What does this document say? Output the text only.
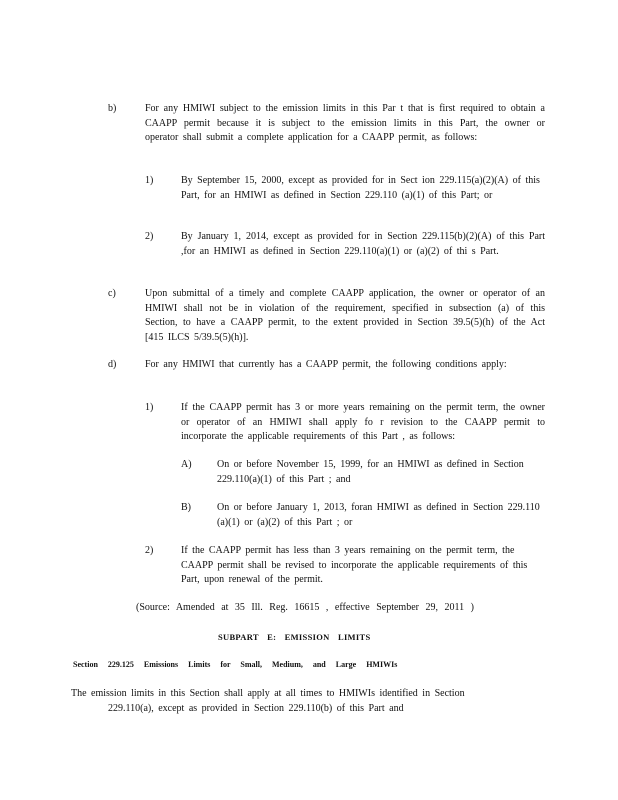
b)	For any HMIWI subject to the emission limits in this Par t that is first required to obtain a CAAPP permit because it is subject to the emission limits in this Part, the owner or operator shall submit a complete application for a CAAPP permit, as follows:
1)	By September 15, 2000, except as provided for in Sect ion 229.115(a)(2)(A) of this Part, for an HMIWI as defined in Section 229.110 (a)(1) of this Part; or
2)	By January 1, 2014, except as provided for in Section 229.115(b)(2)(A) of this Part ,for an HMIWI as defined in Section 229.110(a)(1) or (a)(2) of thi s Part.
c)	Upon submittal of a timely and complete CAAPP application, the owner or operator of an HMIWI shall not be in violation of the requirement, specified in subsection (a) of this Section, to have a CAAPP permit, to the extent provided in Section 39.5(5)(h) of the Act [415 ILCS 5/39.5(5)(h)].
d)	For any HMIWI that currently has a CAAPP permit, the following conditions apply:
1)	If the CAAPP permit has 3 or more years remaining on the permit term, the owner or operator of an HMIWI shall apply fo r revision to the CAAPP permit to incorporate the applicable requirements of this Part , as follows:
A)	On or before November 15, 1999, for an HMIWI as defined in Section 229.110(a)(1) of this Part ; and
B)	On or before January 1, 2013, foran HMIWI as defined in Section 229.110 (a)(1) or (a)(2) of this Part ; or
2)	If the CAAPP permit has less than 3 years remaining on the permit term, the CAAPP permit shall be revised to incorporate the applicable requirements of this Part, upon renewal of the permit.
(Source: Amended at 35 Ill. Reg. 16615 , effective September 29, 2011 )
SUBPART E: EMISSION LIMITS
Section 229.125 Emissions Limits for Small, Medium, and Large HMIWIs
The emission limits in this Section shall apply at all times to HMIWIs identified in Section 229.110(a), except as provided in Section 229.110(b) of this Part and
